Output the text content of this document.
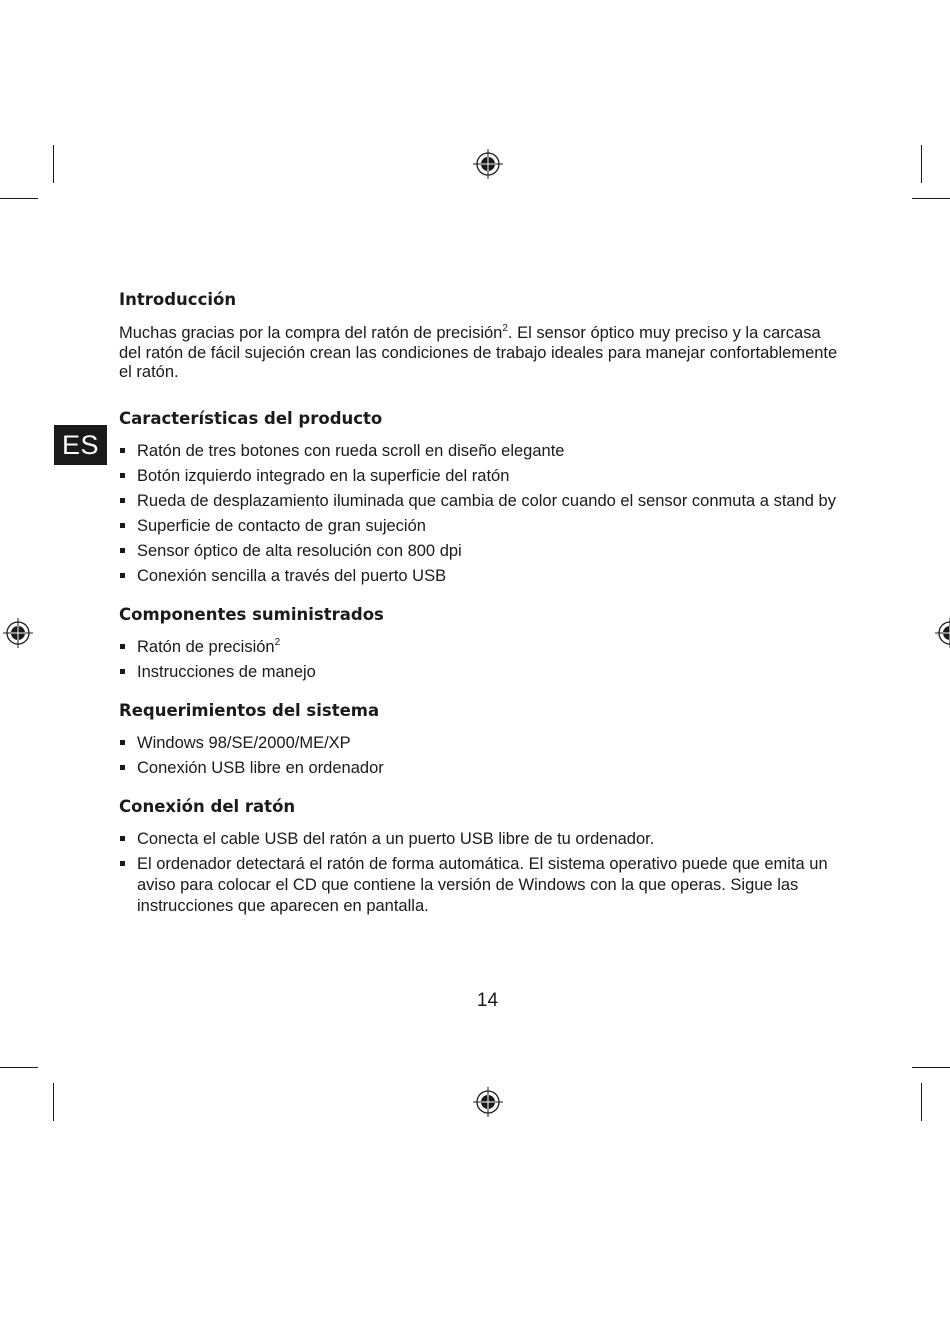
ES
Introducción

Muchas gracias por la compra del ratón de precisión$^2$. El sensor óptico muy preciso y la carcasa del ratón de fácil sujeción crean las condiciones de trabajo ideales para manejar confortablemente el ratón.

Características del producto
Ratón de tres botones con rueda scroll en diseño elegante
Botón izquierdo integrado en la superficie del ratón
Rueda de desplazamiento iluminada que cambia de color cuando el sensor conmuta a stand by
Superficie de contacto de gran sujeción
Sensor óptico de alta resolución con 800 dpi
Conexión sencilla a través del puerto USB
Componentes suministrados
Ratón de precisión$^2$
Instrucciones de manejo
Requerimientos del sistema
Windows 98/SE/2000/ME/XP
Conexión USB libre en ordenador
Conexión del ratón
Conecta el cable USB del ratón a un puerto USB libre de tu ordenador.
El ordenador detectará el ratón de forma automática. El sistema operativo puede que emita un aviso para colocar el CD que contiene la versión de Windows con la que operas. Sigue las instrucciones que aparecen en pantalla.
14
